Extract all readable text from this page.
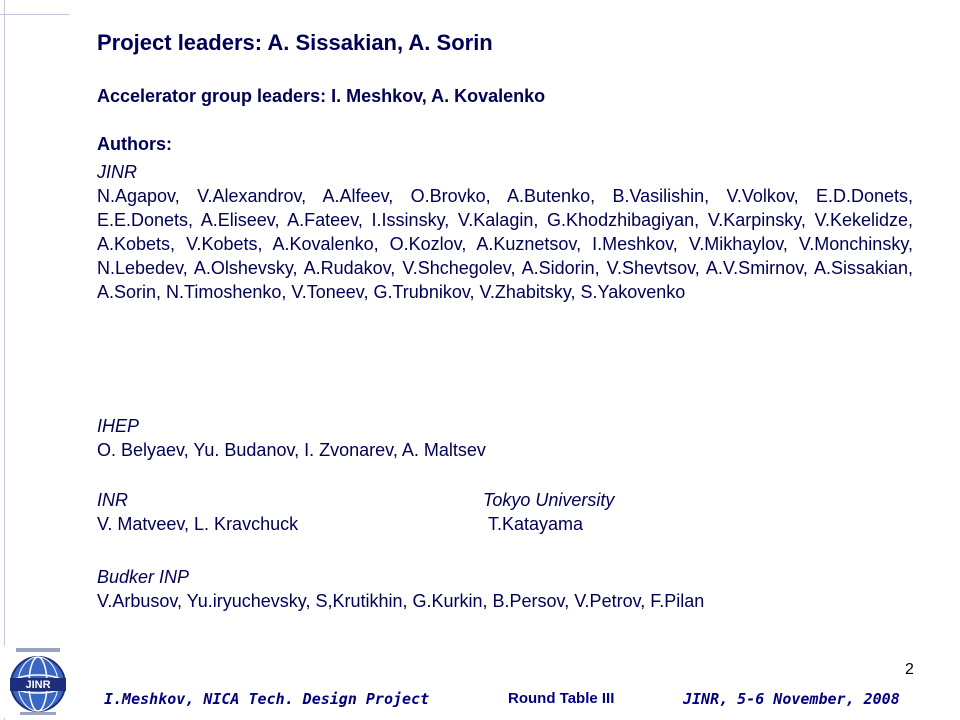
Project leaders: A. Sissakian, A. Sorin
Accelerator group leaders: I. Meshkov, A. Kovalenko
Authors:
JINR
N.Agapov, V.Alexandrov, A.Alfeev, O.Brovko, A.Butenko, B.Vasilishin, V.Volkov, E.D.Donets, E.E.Donets, A.Eliseev, A.Fateev, I.Issinsky, V.Kalagin, G.Khodzhibagiyan, V.Karpinsky, V.Kekelidze, A.Kobets, V.Kobets, A.Kovalenko, O.Kozlov, A.Kuznetsov, I.Meshkov, V.Mikhaylov, V.Monchinsky, N.Lebedev, A.Olshevsky, A.Rudakov, V.Shchegolev, A.Sidorin, V.Shevtsov, A.V.Smirnov, A.Sissakian, A.Sorin, N.Timoshenko, V.Toneev, G.Trubnikov, V.Zhabitsky, S.Yakovenko
IHEP
O. Belyaev, Yu. Budanov, I. Zvonarev, A. Maltsev
INR
V. Matveev, L. Kravchuck
Tokyo University
T.Katayama
Budker INP
V.Arbusov, Yu.iryuchevsky, S,Krutikhin, G.Kurkin, B.Persov, V.Petrov, F.Pilan
JINR
2
I.Meshkov, NICA Tech. Design Project	Round Table III	JINR, 5-6 November, 2008
